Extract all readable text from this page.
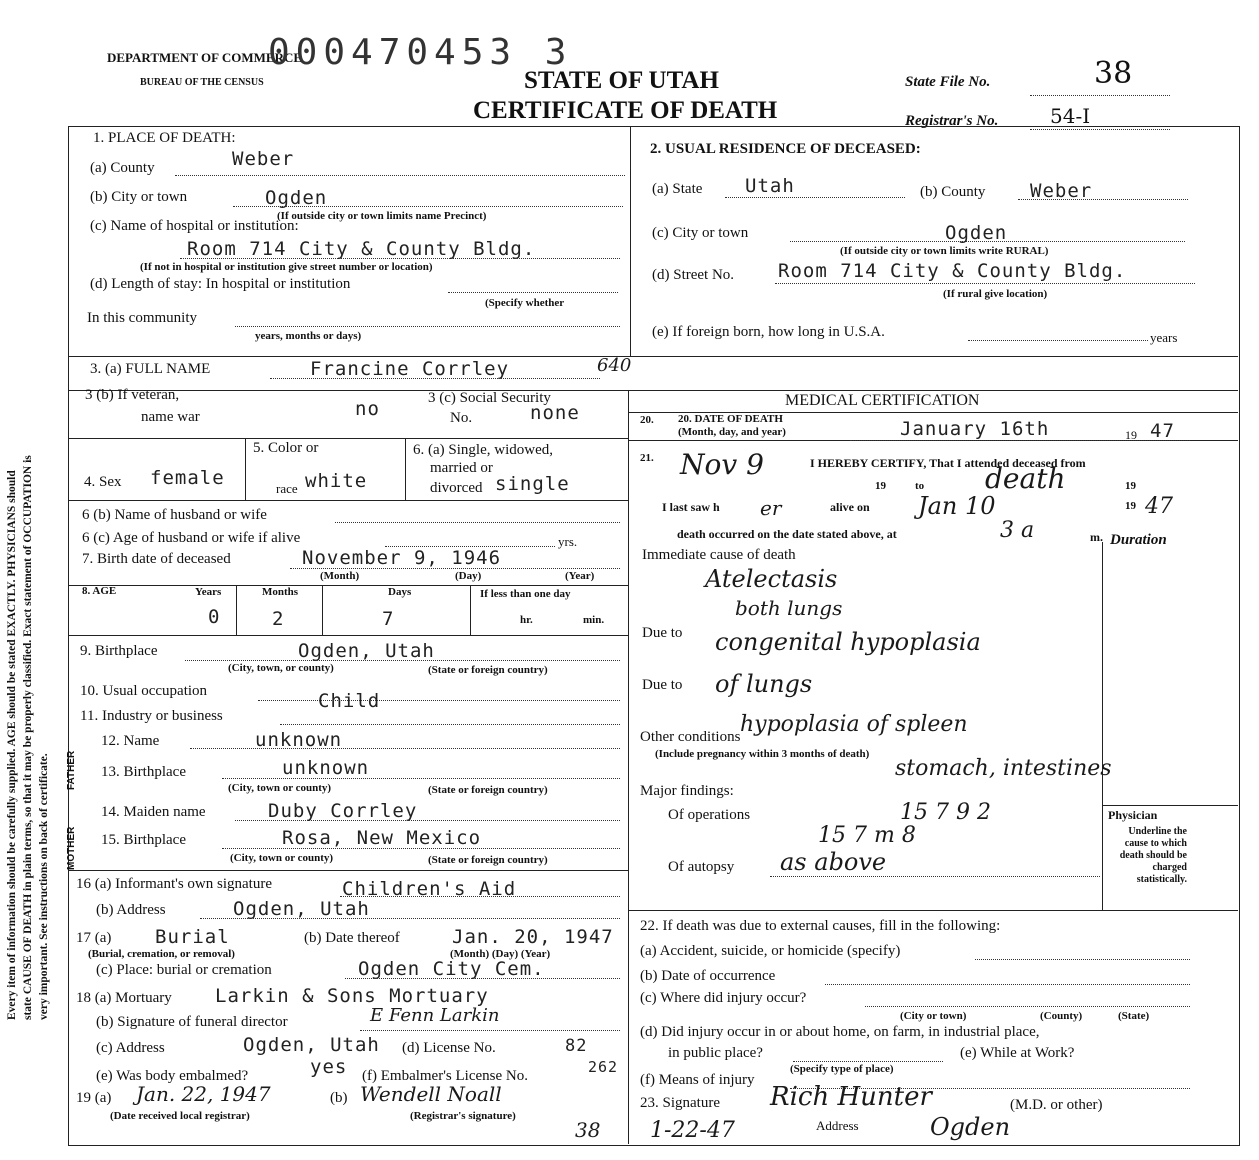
Every item of information should be carefully supplied. AGE should be stated EXACTLY. PHYSICIANS should state CAUSE OF DEATH in plain terms, so that it may be properly classified. Exact statement of OCCUPATION is very important. See instructions on back of certificate.
DEPARTMENT OF COMMERCE
BUREAU OF THE CENSUS
000470453 3
STATE OF UTAH
CERTIFICATE OF DEATH
State File No.	38
Registrar's No.	54-I
1. PLACE OF DEATH:
(a) County	Weber
(b) City or town	Ogden
(If outside city or town limits name Precinct)
(c) Name of hospital or institution:
Room 714 City & County Bldg.
(If not in hospital or institution give street number or location)
(d) Length of stay: In hospital or institution
(Specify whether
In this community
years, months or days)
2. USUAL RESIDENCE OF DECEASED:
(a) State Utah	(b) County Weber
(c) City or town	Ogden
(If outside city or town limits write RURAL)
(d) Street No. Room 714 City & County Bldg.
(If rural give location)
(e) If foreign born, how long in U.S.A.	years
3. (a) FULL NAME	Francine Corrley	640
3 (b) If veteran,
name war	no	3 (c) Social Security
No.	none
4. Sex female
5. Color or
race white
6. (a) Single, widowed,
married or
divorced single
6 (b) Name of husband or wife
6 (c) Age of husband or wife if alive	yrs.
7. Birth date of deceased	November 9, 1946
(Month)	(Day)	(Year)
8. AGE	Years	Months	Days	If less than one day
0	2	7	hr.	min.
9. Birthplace	Ogden, Utah
(City, town, or county)	(State or foreign country)
10. Usual occupation	Child
11. Industry or business
FATHER
MOTHER
12. Name	unknown
13. Birthplace	unknown
(City, town or county)	(State or foreign country)
14. Maiden name	Duby Corrley
15. Birthplace	Rosa, New Mexico
(City, town or county)	(State or foreign country)
16 (a) Informant's own signature	Children's Aid
(b) Address	Ogden, Utah
17 (a) Burial
(Burial, cremation, or removal)
(b) Date thereof	Jan. 20, 1947
(Month) (Day) (Year)
(c) Place: burial or cremation	Ogden City Cem.
18 (a) Mortuary Larkin & Sons Mortuary
(b) Signature of funeral director	E Fenn Larkin
(c) Address	Ogden, Utah (d) License No.	82
(e) Was body embalmed?	yes (f) Embalmer's License No.	262
19 (a) Jan. 22, 1947
(Date received local registrar)
(b) Wendell Noall
(Registrar's signature)
38
MEDICAL CERTIFICATION
20. 20. DATE OF DEATH
(Month, day, and year)	January 16th	19 47
21.	I HEREBY CERTIFY, That I attended deceased from
Nov 9
19	to death	19
I last saw h er	alive on Jan 10	19 47
death occurred on the date stated above, at	3 a	m. Duration
Immediate cause of death
Atelectasis
both lungs
Due to congenital hypoplasia
Due to of lungs
Other conditions hypoplasia of spleen
(Include pregnancy within 3 months of death)
stomach, intestines
Major findings:
Of operations	15 7 9 2
15 7 m 8
Of autopsy as above
Physician
Underline the cause to which death should be charged statistically.
22. If death was due to external causes, fill in the following:
(a) Accident, suicide, or homicide (specify)
(b) Date of occurrence
(c) Where did injury occur?
(City or town)	(County)	(State)
(d) Did injury occur in or about home, on farm, in industrial place,
in public place?
(Specify type of place)
(e) While at Work?
(f) Means of injury
23. Signature Rich Hunter	(M.D. or other)
1-22-47	Address	Ogden
